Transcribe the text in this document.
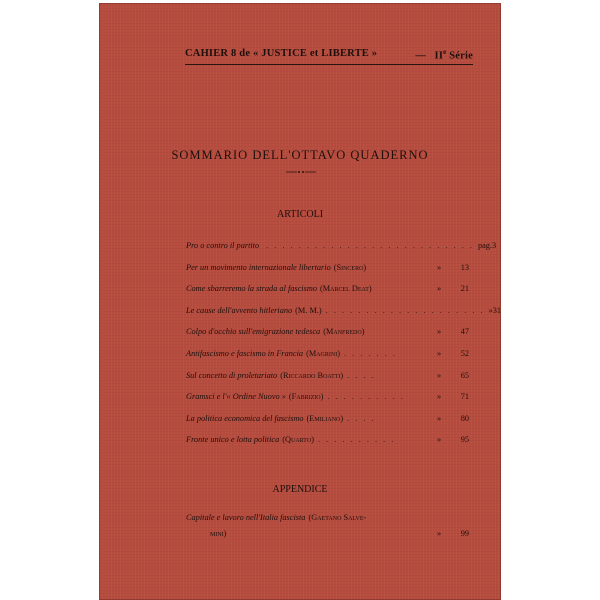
CAHIER 8 de « JUSTICE et LIBERTE »	— IIe Série
SOMMARIO DELL'OTTAVO QUADERNO
ARTICOLI
Pro o contro il partito . . . . . . . . . . . . . . . . . . . . . . . . . . pag. 3
Per un movimento internazionale libertario (Sincero)	»	13
Come sbarreremo la strada al fascismo (Marcel Deat)	»	21
Le cause dell'avvento hitleriano (M. M.) . . . . . . . . . . . . . . . . . . . . » 31
Colpo d'occhio sull'emigrazione tedesca (Manfredo)	»	47
Antifascismo e fascismo in Francia (Magrini) . . . . . . .	»	52
Sul concetto di proletariato (Riccardo Boatti) . . . .	»	65
Gramsci e l'« Ordine Nuovo » (Fabrizio) . . . . . . . . . .	»	71
La politica economica del fascismo (Emiliano) . . . .	»	80
Fronte unico e lotta politica (Quarto) . . . . . . . . . .	»	95
APPENDICE
Capitale e lavoro nell'Italia fascista (Gaetano Salve-
mini)	»	99
